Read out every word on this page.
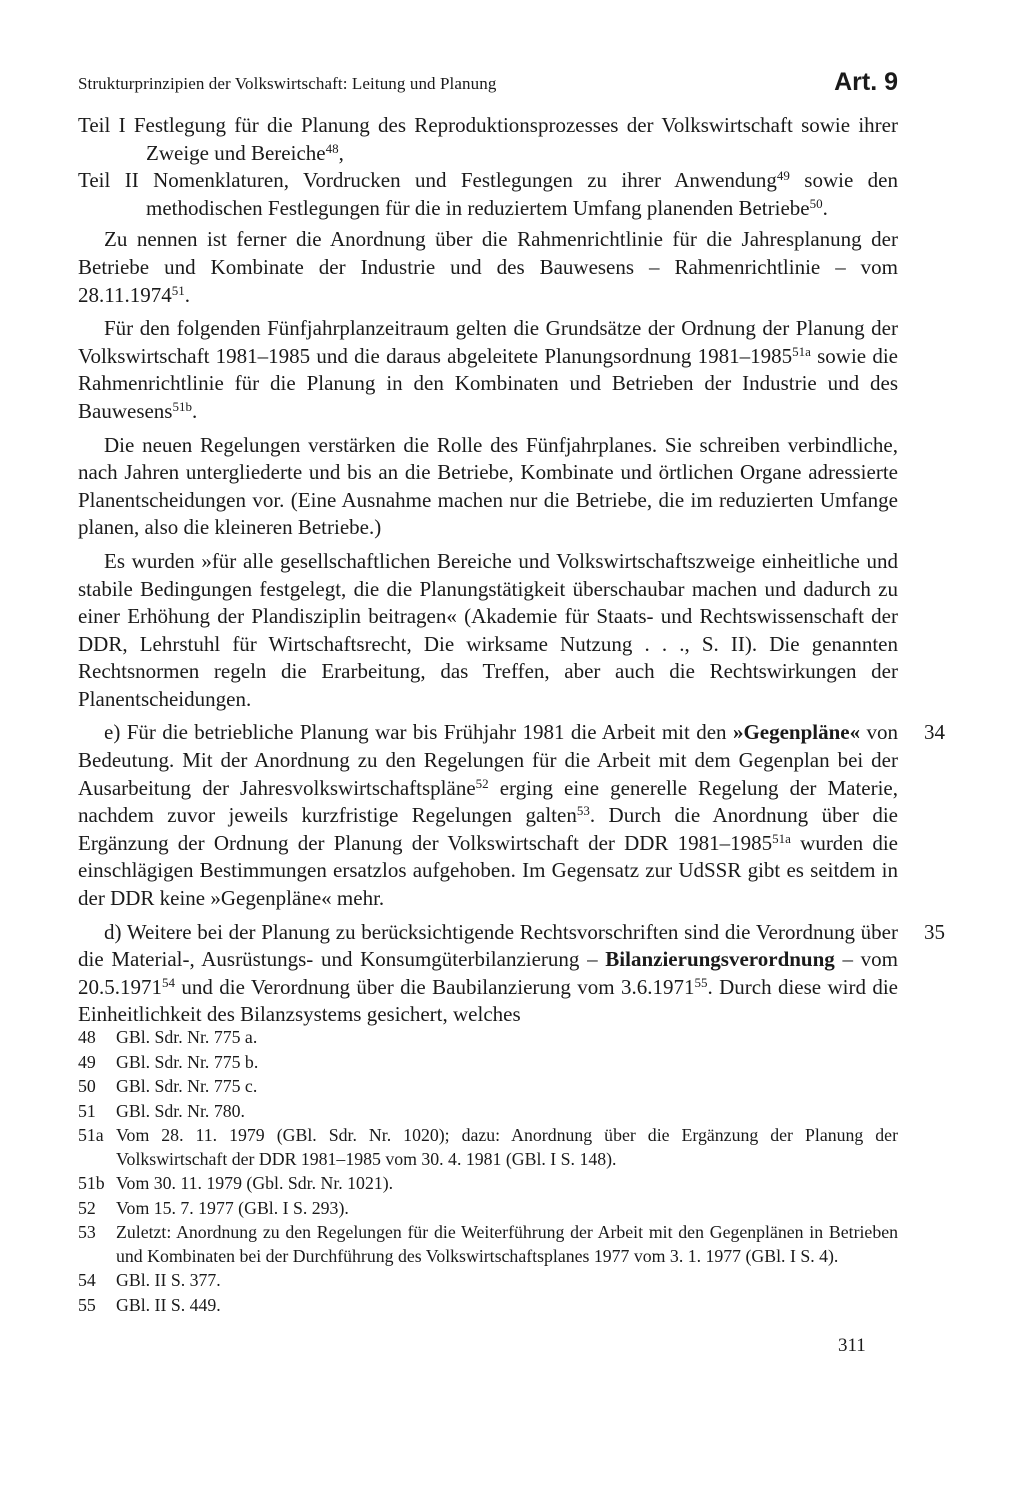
Strukturprinzipien der Volkswirtschaft: Leitung und Planung	Art. 9
Teil I Festlegung für die Planung des Reproduktionsprozesses der Volkswirtschaft sowie ihrer Zweige und Bereiche$^{48}$,
Teil II Nomenklaturen, Vordrucken und Festlegungen zu ihrer Anwendung$^{49}$ sowie den methodischen Festlegungen für die in reduziertem Umfang planenden Betriebe$^{50}$.

Zu nennen ist ferner die Anordnung über die Rahmenrichtlinie für die Jahresplanung der Betriebe und Kombinate der Industrie und des Bauwesens – Rahmenrichtlinie – vom 28.11.1974$^{51}$.

Für den folgenden Fünfjahrplanzeitraum gelten die Grundsätze der Ordnung der Planung der Volkswirtschaft 1981–1985 und die daraus abgeleitete Planungsordnung $1981-1985^{51a}$ sowie die Rahmenrichtlinie für die Planung in den Kombinaten und Betrieben der Industrie und des Bauwesens$^{51b}$.

Die neuen Regelungen verstärken die Rolle des Fünfjahrplanes. Sie schreiben verbindliche, nach Jahren untergliederte und bis an die Betriebe, Kombinate und örtlichen Organe adressierte Planentscheidungen vor. (Eine Ausnahme machen nur die Betriebe, die im reduzierten Umfange planen, also die kleineren Betriebe.)

Es wurden »für alle gesellschaftlichen Bereiche und Volkswirtschaftszweige einheitliche und stabile Bedingungen festgelegt, die die Planungstätigkeit überschaubar machen und dadurch zu einer Erhöhung der Plandisziplin beitragen« (Akademie für Staats- und Rechtswissenschaft der DDR, Lehrstuhl für Wirtschaftsrecht, Die wirksame Nutzung . . ., S. II). Die genannten Rechtsnormen regeln die Erarbeitung, das Treffen, aber auch die Rechtswirkungen der Planentscheidungen.

34
e) Für die betriebliche Planung war bis Frühjahr 1981 die Arbeit mit den »Gegenpläne« von Bedeutung. Mit der Anordnung zu den Regelungen für die Arbeit mit dem Gegenplan bei der Ausarbeitung der Jahresvolkswirtschaftspläne$^{52}$ erging eine generelle Regelung der Materie, nachdem zuvor jeweils kurzfristige Regelungen galten$^{53}$. Durch die Anordnung über die Ergänzung der Ordnung der Planung der Volkswirtschaft der DDR $1981-1985^{51a}$ wurden die einschlägigen Bestimmungen ersatzlos aufgehoben. Im Gegensatz zur UdSSR gibt es seitdem in der DDR keine »Gegenpläne« mehr.

35
d) Weitere bei der Planung zu berücksichtigende Rechtsvorschriften sind die Verordnung über die Material-, Ausrüstungs- und Konsumgüterbilanzierung – Bilanzierungsverordnung – vom 20.5.1971$^{54}$ und die Verordnung über die Baubilanzierung vom 3.6.1971$^{55}$. Durch diese wird die Einheitlichkeit des Bilanzsystems gesichert, welches

48 GBl. Sdr. Nr. 775 a.
49 GBl. Sdr. Nr. 775 b.
50 GBl. Sdr. Nr. 775 c.
51 GBl. Sdr. Nr. 780.
51a Vom 28. 11. 1979 (GBl. Sdr. Nr. 1020); dazu: Anordnung über die Ergänzung der Planung der Volkswirtschaft der DDR 1981–1985 vom 30. 4. 1981 (GBl. I S. 148).
51b Vom 30. 11. 1979 (Gbl. Sdr. Nr. 1021).
52 Vom 15. 7. 1977 (GBl. I S. 293).
53 Zuletzt: Anordnung zu den Regelungen für die Weiterführung der Arbeit mit den Gegenplänen in Betrieben und Kombinaten bei der Durchführung des Volkswirtschaftsplanes 1977 vom 3. 1. 1977 (GBl. I S. 4).
54 GBl. II S. 377.
55 GBl. II S. 449.
311
